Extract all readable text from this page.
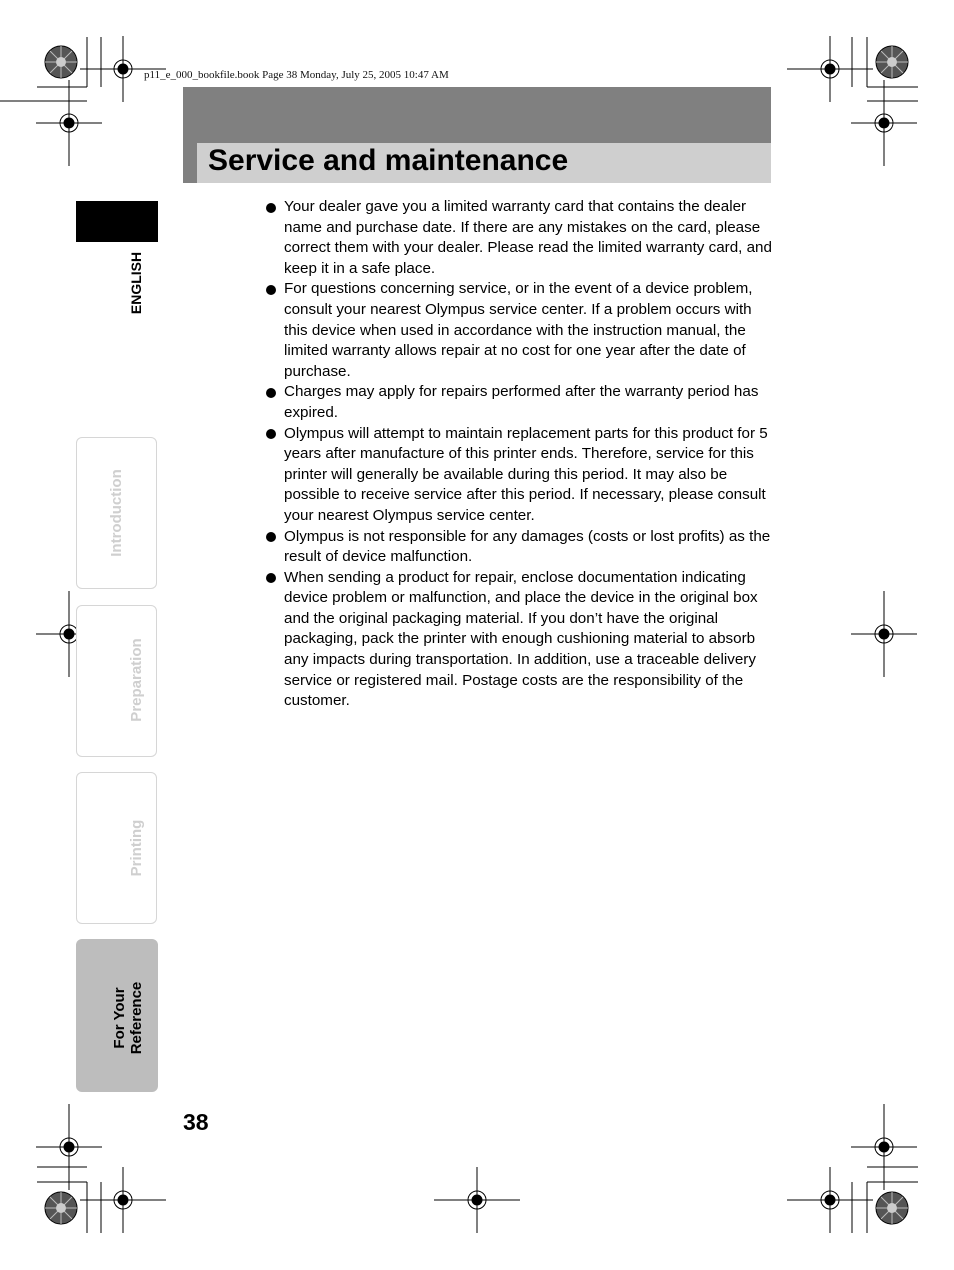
p11_e_000_bookfile.book Page 38 Monday, July 25, 2005 10:47 AM
Service and maintenance
ENGLISH
Introduction
Preparation
Printing
For Your Reference
Your dealer gave you a limited warranty card that contains the dealer name and purchase date. If there are any mistakes on the card, please correct them with your dealer. Please read the limited warranty card, and keep it in a safe place.
For questions concerning service, or in the event of a device problem, consult your nearest Olympus service center. If a problem occurs with this device when used in accordance with the instruction manual, the limited warranty allows repair at no cost for one year after the date of purchase.
Charges may apply for repairs performed after the warranty period has expired.
Olympus will attempt to maintain replacement parts for this product for 5 years after manufacture of this printer ends. Therefore, service for this printer will generally be available during this period. It may also be possible to receive service after this period. If necessary, please consult your nearest Olympus service center.
Olympus is not responsible for any damages (costs or lost profits) as the result of device malfunction.
When sending a product for repair, enclose documentation indicating device problem or malfunction, and place the device in the original box and the original packaging material. If you don’t have the original packaging, pack the printer with enough cushioning material to absorb any impacts during transportation. In addition, use a traceable delivery service or registered mail. Postage costs are the responsibility of the customer.
38
